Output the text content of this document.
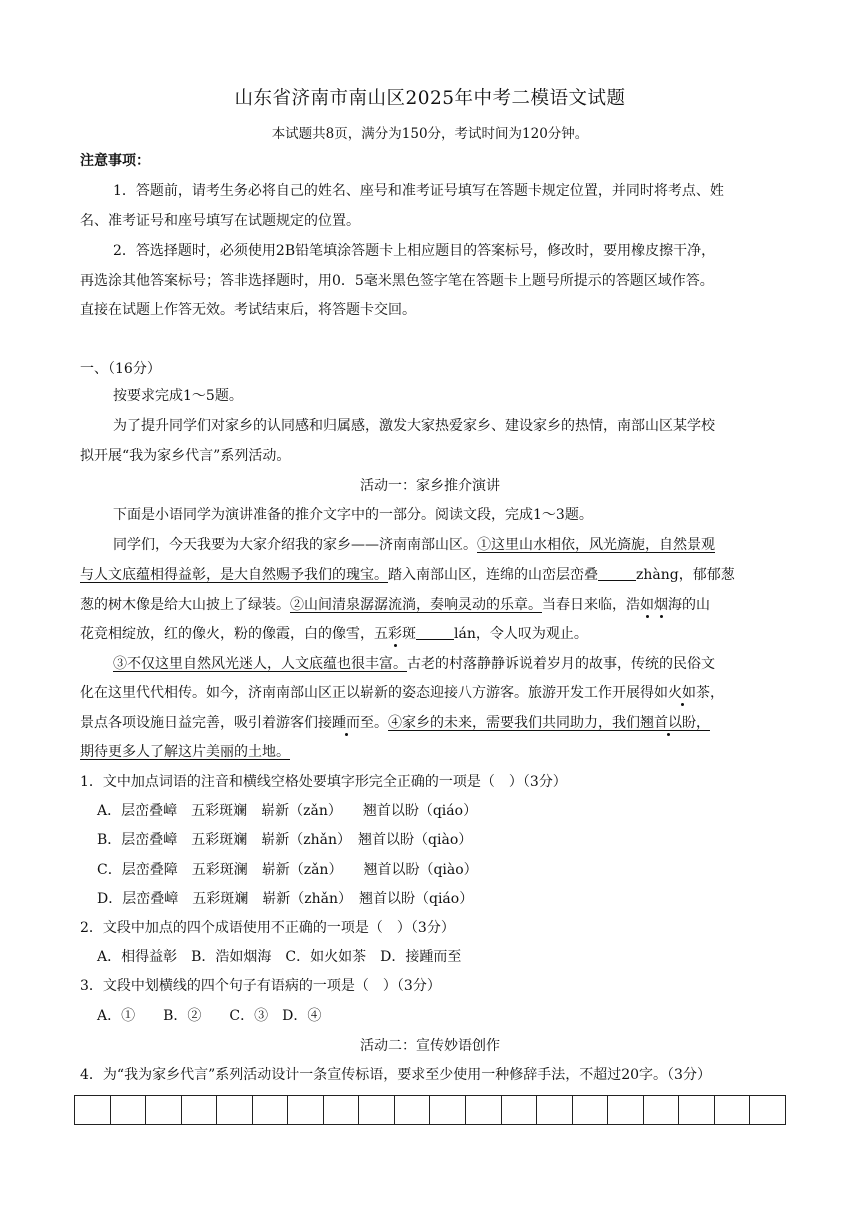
山东省济南市南山区2025年中考二模语文试题
本试题共8页，满分为150分，考试时间为120分钟。
注意事项：
1．答题前，请考生务必将自己的姓名、座号和准考证号填写在答题卡规定位置，并同时将考点、姓
名、准考证号和座号填写在试题规定的位置。
2．答选择题时，必须使用2B铅笔填涂答题卡上相应题目的答案标号，修改时，要用橡皮擦干净，
再选涂其他答案标号；答非选择题时，用0．5毫米黑色签字笔在答题卡上题号所提示的答题区域作答。
直接在试题上作答无效。考试结束后，将答题卡交回。
一、（16分）
按要求完成1～5题。
为了提升同学们对家乡的认同感和归属感，激发大家热爱家乡、建设家乡的热情，南部山区某学校
拟开展“我为家乡代言”系列活动。
活动一：家乡推介演讲
下面是小语同学为演讲准备的推介文字中的一部分。阅读文段，完成1～3题。
同学们，今天我要为大家介绍我的家乡——济南南部山区。①这里山水相依，风光旖旎，自然景观
与人文底蕴相得益彰，是大自然赐予我们的瑰宝。踏入南部山区，连绵的山峦层峦叠	zhàng，郁郁葱
葱的树木像是给大山披上了绿装。②山间清泉潺潺流淌，奏响灵动的乐章。当春日来临，浩如烟海的山
花竞相绽放，红的像火，粉的像霞，白的像雪，五彩斑	lán，令人叹为观止。
③不仅这里自然风光迷人，人文底蕴也很丰富。古老的村落静静诉说着岁月的故事，传统的民俗文
化在这里代代相传。如今，济南南部山区正以崭新的姿态迎接八方游客。旅游开发工作开展得如火如茶，
景点各项设施日益完善，吸引着游客们接踵而至。④家乡的未来，需要我们共同助力，我们翘首以盼，
期待更多人了解这片美丽的土地。
1．文中加点词语的注音和横线空格处要填字形完全正确的一项是（　）（3分）
A．层峦叠嶂　五彩斑斓　崭新（zǎn）　　翘首以盼（qiáo）
B．层峦叠嶂　五彩斑斓　崭新（zhǎn）　翘首以盼（qiào）
C．层峦叠障　五彩斑澜　崭新（zǎn）　　翘首以盼（qiào）
D．层峦叠嶂　五彩斑斓　崭新（zhǎn）　翘首以盼（qiáo）
2．文段中加点的四个成语使用不正确的一项是（　）（3分）
A．相得益彰　B．浩如烟海　C．如火如茶　D．接踵而至
3．文段中划横线的四个句子有语病的一项是（　）（3分）
A．①　　B．②　　C．③　D．④
活动二：宣传妙语创作
4．为“我为家乡代言”系列活动设计一条宣传标语，要求至少使用一种修辞手法，不超过20字。（3分）
